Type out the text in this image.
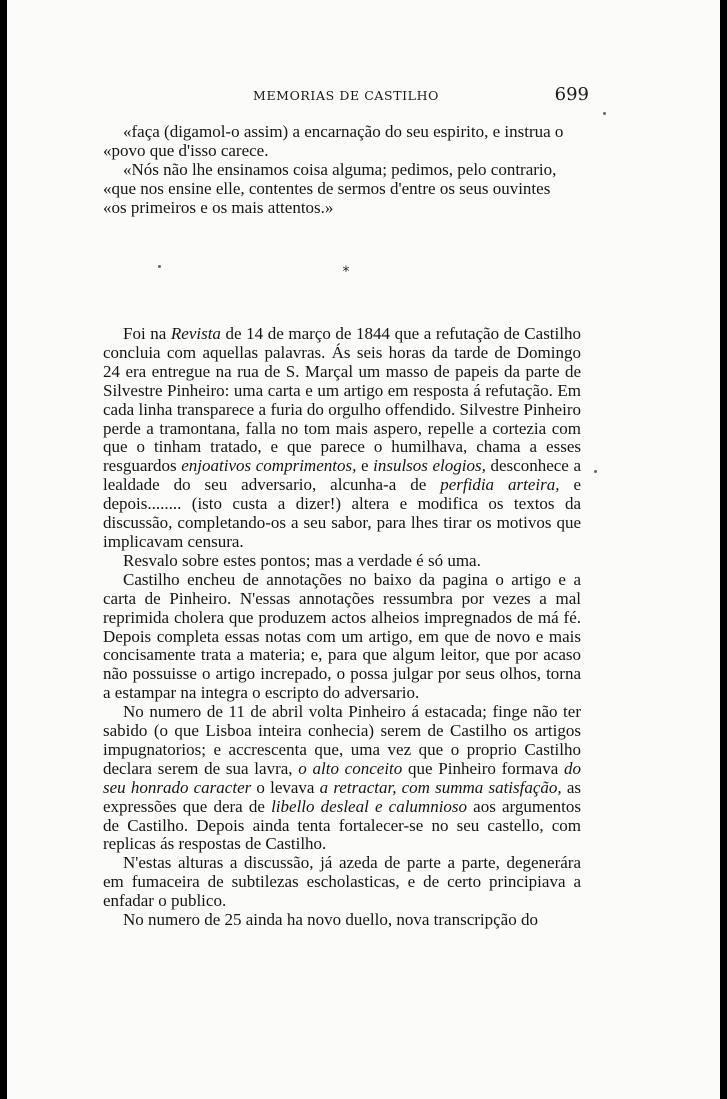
MEMORIAS DE CASTILHO	699

«faça (digamol-o assim) a encarnação do seu espirito, e instrua o

«povo que d'isso carece.

«Nós não lhe ensinamos coisa alguma; pedimos, pelo contrario,

«que nos ensine elle, contentes de sermos d'entre os seus ouvintes

«os primeiros e os mais attentos.»

*

Foi na Revista de 14 de março de 1844 que a refutação de Castilho concluia com aquellas palavras. Ás seis horas da tarde de Domingo 24 era entregue na rua de S. Marçal um masso de papeis da parte de Silvestre Pinheiro: uma carta e um artigo em resposta á refutação. Em cada linha transparece a furia do orgulho offendido. Silvestre Pinheiro perde a tramontana, falla no tom mais aspero, repelle a cortezia com que o tinham tratado, e que parece o humilhava, chama a esses resguardos enjoativos comprimentos, e insulsos elogios, desconhece a lealdade do seu adversario, alcunha-a de perfidia arteira, e depois........ (isto custa a dizer!) altera e modifica os textos da discussão, completando-os a seu sabor, para lhes tirar os motivos que implicavam censura.

Resvalo sobre estes pontos; mas a verdade é só uma.

Castilho encheu de annotações no baixo da pagina o artigo e a carta de Pinheiro. N'essas annotações ressumbra por vezes a mal reprimida cholera que produzem actos alheios impregnados de má fé. Depois completa essas notas com um artigo, em que de novo e mais concisamente trata a materia; e, para que algum leitor, que por acaso não possuisse o artigo increpado, o possa julgar por seus olhos, torna a estampar na integra o escripto do adversario.

No numero de 11 de abril volta Pinheiro á estacada; finge não ter sabido (o que Lisboa inteira conhecia) serem de Castilho os artigos impugnatorios; e accrescenta que, uma vez que o proprio Castilho declara serem de sua lavra, o alto conceito que Pinheiro formava do seu honrado caracter o levava a retractar, com summa satisfação, as expressões que dera de libello desleal e calumnioso aos argumentos de Castilho. Depois ainda tenta fortalecer-se no seu castello, com replicas ás respostas de Castilho.

N'estas alturas a discussão, já azeda de parte a parte, degenerára em fumaceira de subtilezas escholasticas, e de certo principiava a enfadar o publico.

No numero de 25 ainda ha novo duello, nova transcripção do
